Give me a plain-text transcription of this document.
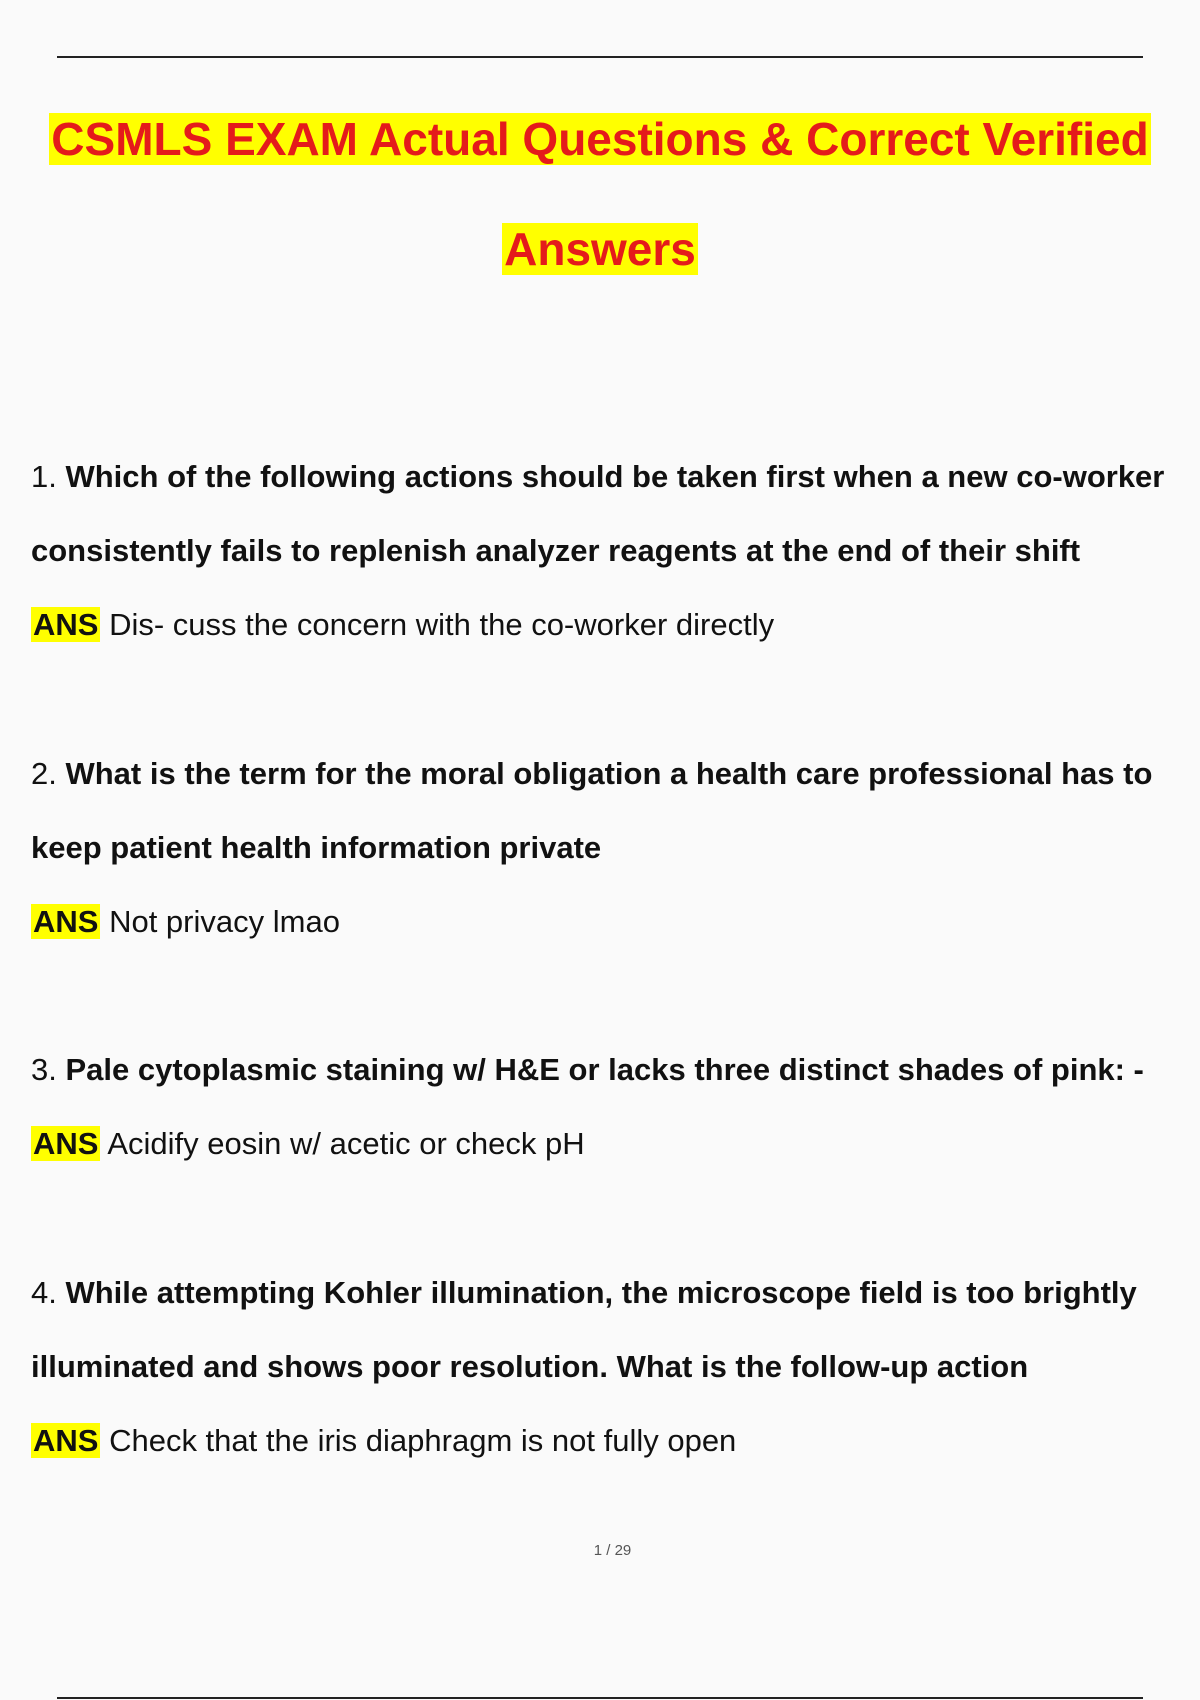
CSMLS EXAM Actual Questions & Correct Verified
Answers

1. Which of the following actions should be taken first when a new co-worker

consistently fails to replenish analyzer reagents at the end of their shift

ANS Dis- cuss the concern with the co-worker directly

2. What is the term for the moral obligation a health care professional has to

keep patient health information private

ANS Not privacy lmao

3. Pale cytoplasmic staining w/ H&E or lacks three distinct shades of pink: -

ANS Acidify eosin w/ acetic or check pH

4. While attempting Kohler illumination, the microscope field is too brightly

illuminated and shows poor resolution. What is the follow-up action

ANS Check that the iris diaphragm is not fully open

1 / 29
